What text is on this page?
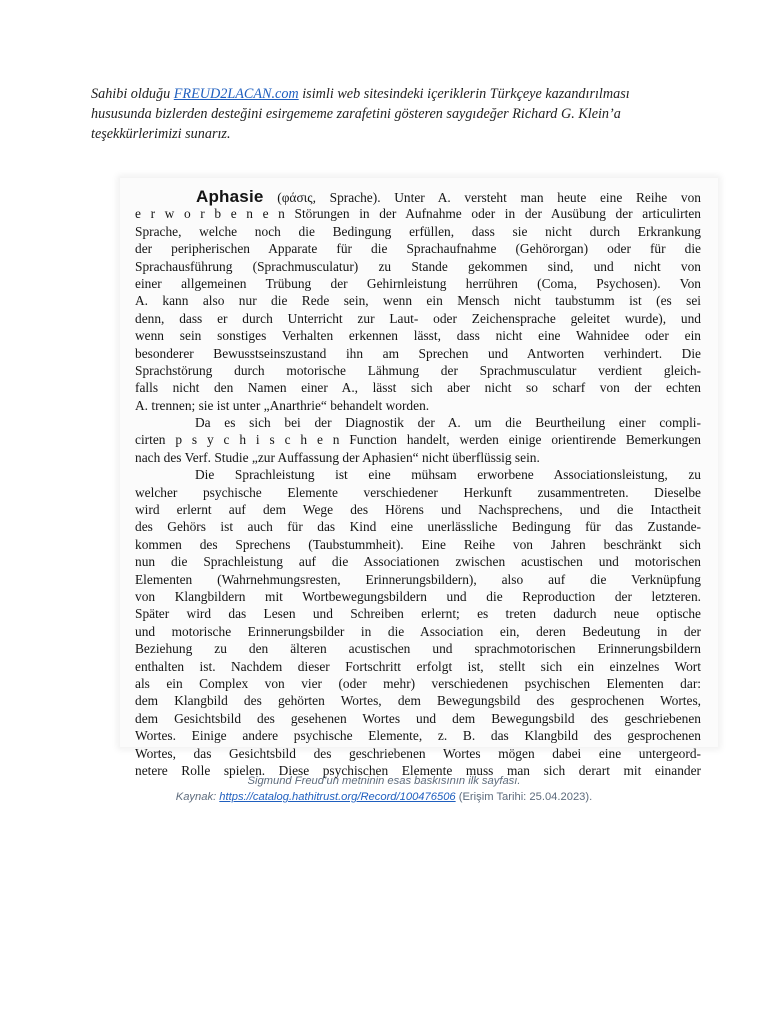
Sahibi olduğu FREUD2LACAN.com isimli web sitesindeki içeriklerin Türkçeye kazandırılması
hususunda bizlerden desteğini esirgememe zarafetini gösteren saygıdeğer Richard G. Klein’a
teşekkürlerimizi sunarız.
Aphasie (φάσις, Sprache). Unter A. versteht man heute eine Reihe von
e r w o r b e n e n Störungen in der Aufnahme oder in der Ausübung der articulirten
Sprache, welche noch die Bedingung erfüllen, dass sie nicht durch Erkrankung
der peripherischen Apparate für die Sprachaufnahme (Gehörorgan) oder für die
Sprachausführung (Sprachmusculatur) zu Stande gekommen sind, und nicht von
einer allgemeinen Trübung der Gehirnleistung herrühren (Coma, Psychosen). Von
A. kann also nur die Rede sein, wenn ein Mensch nicht taubstumm ist (es sei
denn, dass er durch Unterricht zur Laut- oder Zeichensprache geleitet wurde), und
wenn sein sonstiges Verhalten erkennen lässt, dass nicht eine Wahnidee oder ein
besonderer Bewusstseinszustand ihn am Sprechen und Antworten verhindert. Die
Sprachstörung durch motorische Lähmung der Sprachmusculatur verdient gleich-
falls nicht den Namen einer A., lässt sich aber nicht so scharf von der echten
A. trennen; sie ist unter „Anarthrie“ behandelt worden.
Da es sich bei der Diagnostik der A. um die Beurtheilung einer compli-
cirten p s y c h i s c h e n Function handelt, werden einige orientirende Bemerkungen
nach des Verf. Studie „zur Auffassung der Aphasien“ nicht überflüssig sein.
Die Sprachleistung ist eine mühsam erworbene Associationsleistung, zu
welcher psychische Elemente verschiedener Herkunft zusammentreten. Dieselbe
wird erlernt auf dem Wege des Hörens und Nachsprechens, und die Intactheit
des Gehörs ist auch für das Kind eine unerlässliche Bedingung für das Zustande-
kommen des Sprechens (Taubstummheit). Eine Reihe von Jahren beschränkt sich
nun die Sprachleistung auf die Associationen zwischen acustischen und motorischen
Elementen (Wahrnehmungsresten, Erinnerungsbildern), also auf die Verknüpfung
von Klangbildern mit Wortbewegungsbildern und die Reproduction der letzteren.
Später wird das Lesen und Schreiben erlernt; es treten dadurch neue optische
und motorische Erinnerungsbilder in die Association ein, deren Bedeutung in der
Beziehung zu den älteren acustischen und sprachmotorischen Erinnerungsbildern
enthalten ist. Nachdem dieser Fortschritt erfolgt ist, stellt sich ein einzelnes Wort
als ein Complex von vier (oder mehr) verschiedenen psychischen Elementen dar:
dem Klangbild des gehörten Wortes, dem Bewegungsbild des gesprochenen Wortes,
dem Gesichtsbild des gesehenen Wortes und dem Bewegungsbild des geschriebenen
Wortes. Einige andere psychische Elemente, z. B. das Klangbild des gesprochenen
Wortes, das Gesichtsbild des geschriebenen Wortes mögen dabei eine untergeord-
netere Rolle spielen. Diese psychischen Elemente muss man sich derart mit einander
Sigmund Freud’un metninin esas baskısının ilk sayfası.
Kaynak: https://catalog.hathitrust.org/Record/100476506 (Erişim Tarihi: 25.04.2023).
